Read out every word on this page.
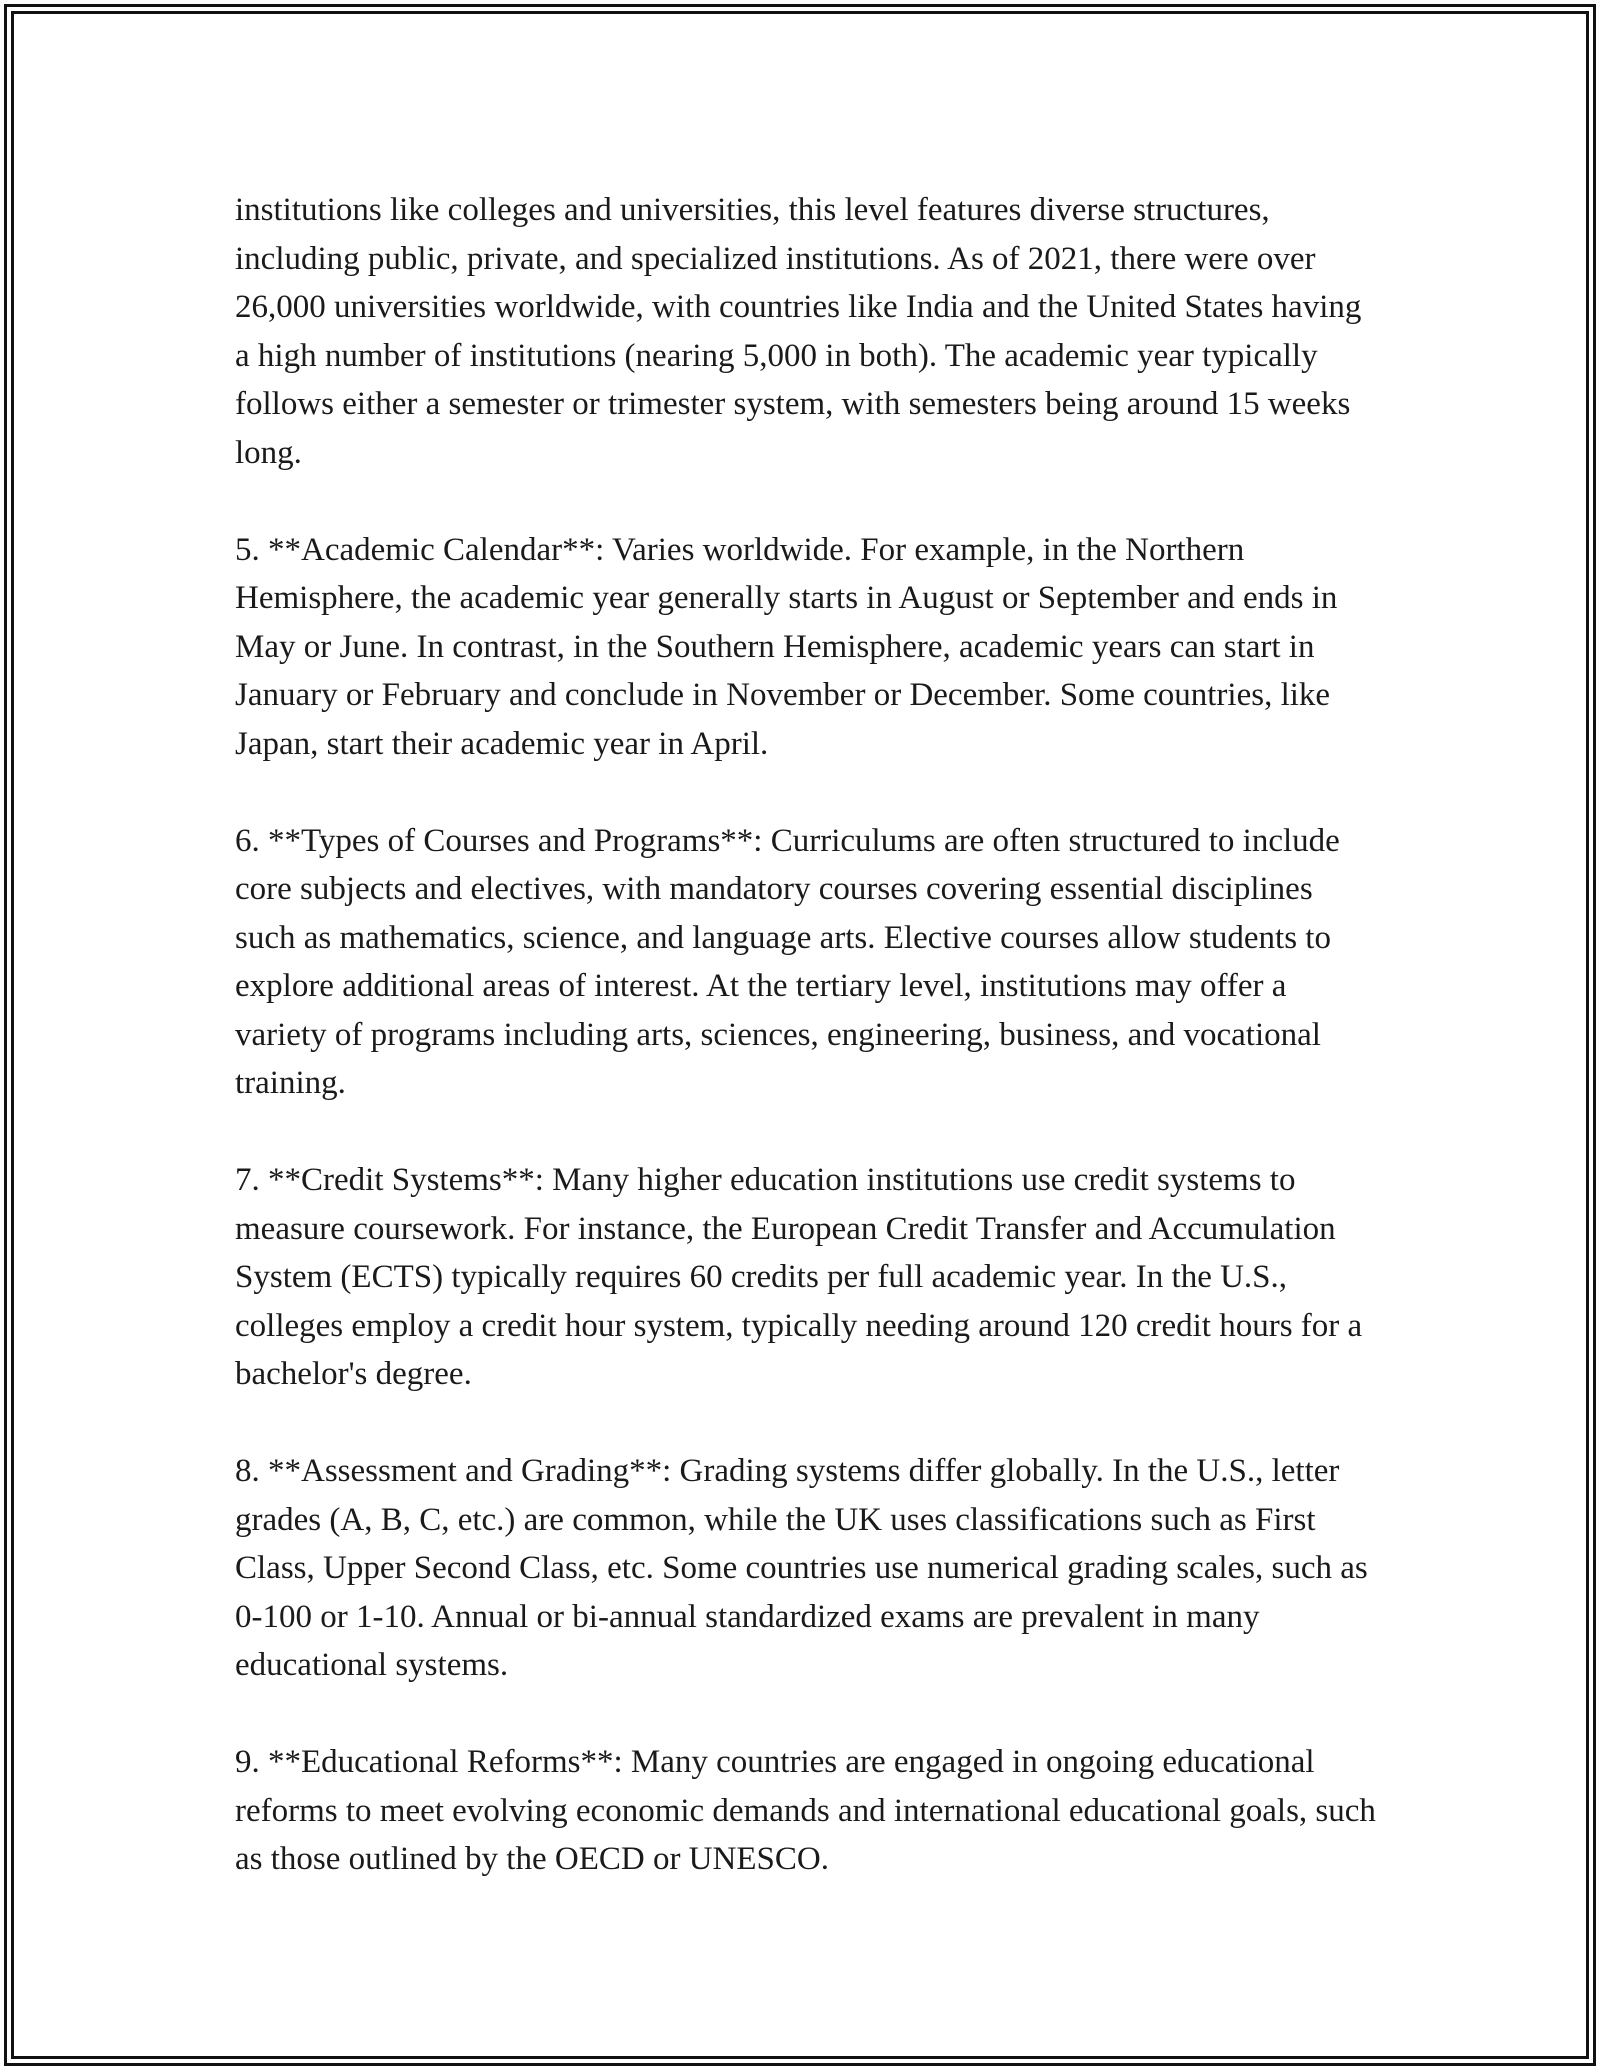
institutions like colleges and universities, this level features diverse structures, including public, private, and specialized institutions. As of 2021, there were over 26,000 universities worldwide, with countries like India and the United States having a high number of institutions (nearing 5,000 in both). The academic year typically follows either a semester or trimester system, with semesters being around 15 weeks long.

5. **Academic Calendar**: Varies worldwide. For example, in the Northern Hemisphere, the academic year generally starts in August or September and ends in May or June. In contrast, in the Southern Hemisphere, academic years can start in January or February and conclude in November or December. Some countries, like Japan, start their academic year in April.

6. **Types of Courses and Programs**: Curriculums are often structured to include core subjects and electives, with mandatory courses covering essential disciplines such as mathematics, science, and language arts. Elective courses allow students to explore additional areas of interest. At the tertiary level, institutions may offer a variety of programs including arts, sciences, engineering, business, and vocational training.

7. **Credit Systems**: Many higher education institutions use credit systems to measure coursework. For instance, the European Credit Transfer and Accumulation System (ECTS) typically requires 60 credits per full academic year. In the U.S., colleges employ a credit hour system, typically needing around 120 credit hours for a bachelor's degree.

8. **Assessment and Grading**: Grading systems differ globally. In the U.S., letter grades (A, B, C, etc.) are common, while the UK uses classifications such as First Class, Upper Second Class, etc. Some countries use numerical grading scales, such as 0-100 or 1-10. Annual or bi-annual standardized exams are prevalent in many educational systems.

9. **Educational Reforms**: Many countries are engaged in ongoing educational reforms to meet evolving economic demands and international educational goals, such as those outlined by the OECD or UNESCO.
